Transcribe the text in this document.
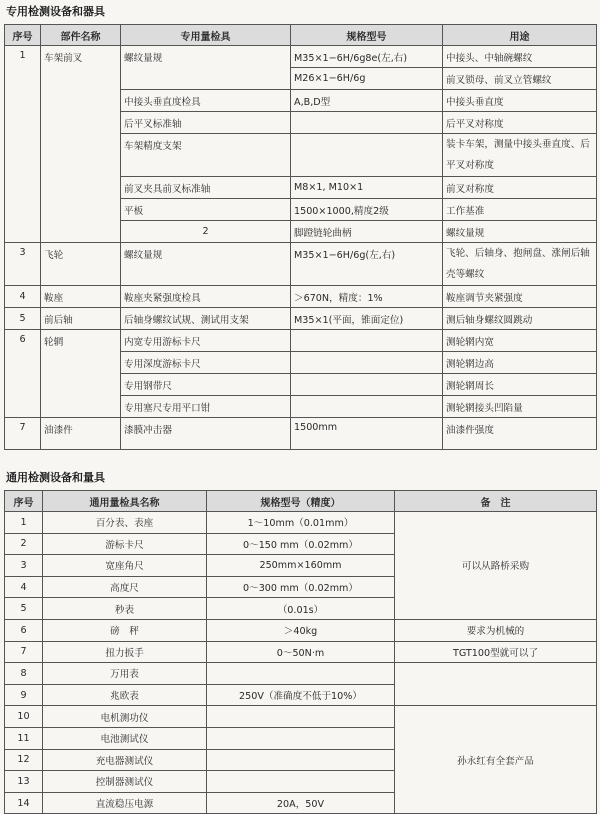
专用检测设备和器具
序号	部件名称	专用量检具	规格型号	用途	
1	车架前叉	螺纹量规	M35×1−6H/6g8e(左,右)	中接头、中轴碗螺纹	
			M26×1−6H/6g	前叉锁母、前叉立管螺纹	
		中接头垂直度检具	A,B,D型	中接头垂直度	
		后平叉标准轴		后平叉对称度	
		车架精度支架		装卡车架，测量中接头垂直度、后平叉对称度	

		前叉夹具前叉标准轴	M8×1, M10×1	前叉对称度	
		平板	1500×1000,精度2级	工作基准	
		2	脚蹬链轮曲柄	螺纹量规		
3	飞轮	螺纹量规	M35×1−6H/6g(左,右)	飞轮、后轴身、抱闸盘、涨闸后轴壳等螺纹	

4	鞍座	鞍座夹紧强度检具	＞670N，精度：1%	鞍座调节夹紧强度	
5	前后轴	后轴身螺纹试规、测试用支架	M35×1(平面，锥面定位)	测后轴身螺纹圆跳动	
6	轮辋	内宽专用游标卡尺		测轮辋内宽	
		专用深度游标卡尺		测轮辋边高	
		专用钢带尺		测轮辋周长	
		专用塞尺专用平口钳		测轮辋接头凹陷量	
7	油漆件	漆膜冲击器	1500mm	油漆件强度	
通用检测设备和量具
序号	通用量检具名称	规格型号（精度）	备　注
1	百分表、表座	1～10mm（0.01mm）	可以从路桥采购
2	游标卡尺	0～150 mm（0.02mm）	
3	宽座角尺	250mm×160mm	
4	高度尺	0～300 mm（0.02mm）	
5	秒表	（0.01s）	
6	磅　秤	＞40kg	要求为机械的
7	扭力扳手	0～50N·m	TGT100型就可以了
8	万用表		
9	兆欧表	250V（准确度不低于10%）	
10	电机测功仪		孙永红有全套产品
11	电池测试仪		
12	充电器测试仪		
13	控制器测试仪		
14	直流稳压电源	20A，50V	
